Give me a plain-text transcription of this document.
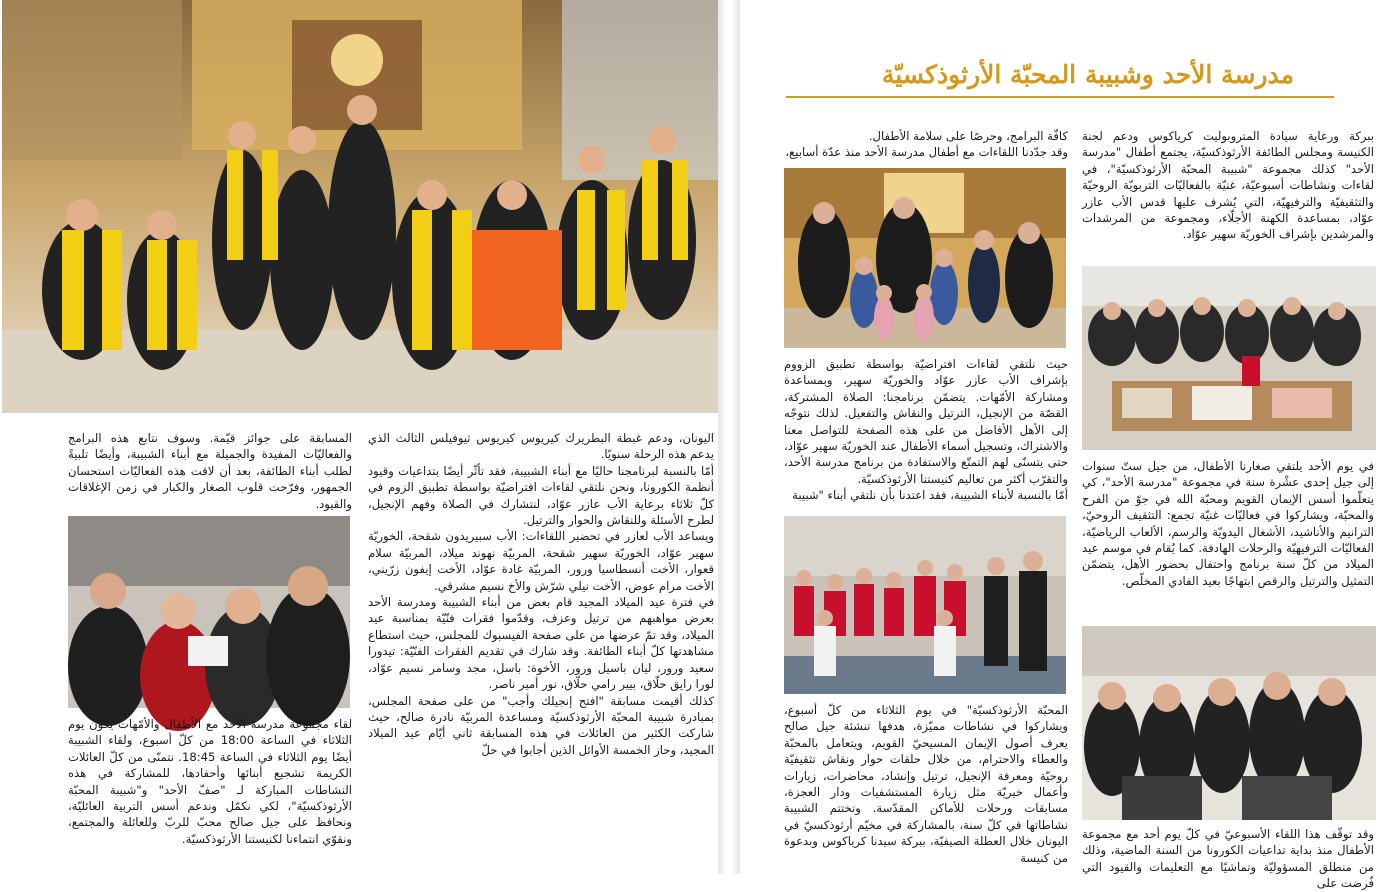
اليونان، ودعم غبطة البطريرك كيريوس كيريوس ثيوفيلس الثالث الذي يدعم هذه الرحلة سنويًا.

أمّا بالنسبة لبرنامجنا حاليًا مع أبناء الشبيبة، فقد تأثّر أيضًا بتداعيات وقيود أنظمة الكورونا، ونحن نلتقي لقاءات افتراضيّة بواسطة تطبيق الزوم في كلّ ثلاثاء برعاية الأب عازر عوّاد، لنتشارك في الصلاة وفهم الإنجيل، لطرح الأسئلة وللنقاش والحوار والترتيل.

ويساعد الأب لعازر في تحضير اللقاءات: الأب سبيريدون شقحة، الخوريّة سهير عوّاد، الخوريّة سهير شقحة، المربيّة نهوند ميلاد، المربيّة سلام قعوار، الأخت أنسطاسيا ورور، المربيّة غادة عوّاد، الأخت إيفون زرّيني، الأخت مرام عوض، الأخت نيلي شرّش والأخ نسيم مشرقي.

في فترة عيد الميلاد المجيد قام بعض من أبناء الشبيبة ومدرسة الأحد بعرض مواهبهم من ترتيل وعزف، وقدّموا فقرات فنّيّة بمناسبة عيد الميلاد، وقد تمّ عرضها من على صفحة الفيسبوك للمجلس، حيث استطاع مشاهدتها كلّ أبناء الطائفة. وقد شارك في تقديم الفقرات الفنّيّة: تيدورا سعيد ورور، ليان باسيل ورور، الأخوة: باسل، مجد وسامر نسيم عوّاد، لورا رايق حلّاق، بيير رامي حلّاق، نور أمير ناصر.

كذلك أقيمت مسابقة "افتح إنجيلك وأجب" من على صفحة المجلس، بمبادرة شبيبة المحبّة الأرثوذكسيّة ومساعدة المربيّة نادرة صالح، حيث شاركت الكثير من العائلات في هذه المسابقة ثاني أيّام عيد الميلاد المجيد، وحاز الخمسة الأوائل الذين أجابوا في حلّ

المسابقة على جوائز قيّمة. وسوف نتابع هذه البرامج والفعاليّات المفيدة والجميلة مع أبناء الشبيبة، وأيضًا تلبيةً لطلب أبناء الطائفة، بعد أن لاقت هذه الفعاليّات استحسان الجمهور، وفرّحت قلوب الصغار والكبار في زمن الإغلاقات والقيود.

لقاء مجموعة مدرسة الأحد مع الأطفال والأمّهات يكون يوم الثلاثاء في الساعة 18:00 من كلّ أسبوع، ولقاء الشبيبة أيضًا يوم الثلاثاء في الساعة 18:45. نتمنّى من كلّ العائلات الكريمة تشجيع أبنائها وأحفادها، للمشاركة في هذه النشاطات المباركة لـ "صفّ الأحد" و"شبيبة المحبّة الأرثوذكسيّة"، لكي نكمّل وندعم أسس التربية العائليّة، ونحافظ على جيل صالح محبّ للربّ وللعائلة والمجتمع، ونقوّي انتماءنا لكنيستنا الأرثوذكسيّة.

مدرسة الأحد وشبيبة المحبّة الأرثوذكسيّة

ببركة ورعاية سيادة المتروبوليت كرياكوس ودعم لجنة الكنيسة ومجلس الطائفة الأرثوذكسيّة، يجتمع أطفال "مدرسة الأحد" كذلك مجموعة "شبيبة المحبّة الأرثوذكسيّة"، في لقاءات ونشاطات أسبوعيّة، غنيّة بالفعاليّات التربويّة الروحيّة والتثقيفيّة والترفيهيّة، التي يُشرف عليها قدس الأب عازر عوّاد، بمساعدة الكهنة الأجلّاء، ومجموعة من المرشدات والمرشدين بإشراف الخوريّة سهير عوّاد.

في يوم الأحد يلتقي صغارنا الأطفال، من جيل ستّ سنوات إلى جيل إحدى عشْرة سنة في مجموعة "مدرسة الأحد"، كي يتعلّموا أسس الإيمان القويم ومحبّة الله في جوّ من الفرح والمحبّة، ويشاركوا في فعاليّات غنيّة تجمع: التثقيف الروحيّ، الترانيم والأناشيد، الأشغال اليدويّة والرسم، الألعاب الرياضيّة، الفعاليّات الترفيهيّة والرحلات الهادفة. كما يُقام في موسم عيد الميلاد من كلّ سنة برنامج واحتفال بحضور الأهل، يتضمّن التمثيل والترتيل والرقص ابتهاجًا بعيد الفادي المخلّص.

وقد توقّف هذا اللقاء الأسبوعيّ في كلّ يوم أحد مع مجموعة الأطفال منذ بداية تداعيات الكورونا من السنة الماضية، وذلك من منطلق المسؤوليّة وتماشيًا مع التعليمات والقيود التي فُرضت على

كافّة البرامج، وحرصًا على سلامة الأطفال.

وقد جدّدنا اللقاءات مع أطفال مدرسة الأحد منذ عدّة أسابيع،

حيث نلتقي لقاءات افتراضيّة بواسطة تطبيق الزووم بإشراف الأب عازر عوّاد والخوريّة سهير، وبمساعدة ومشاركة الأمّهات. يتضمّن برنامجنا: الصلاة المشتركة، القصّة من الإنجيل، الترتيل والنقاش والتفعيل. لذلك نتوجّه إلى الأهل الأفاضل من على هذه الصفحة للتواصل معنا والاشتراك، وتسجيل أسماء الأطفال عند الخوريّة سهير عوّاد، حتى يتسنّى لهم التمتّع والاستفادة من برنامج مدرسة الأحد، والتقرّب أكثر من تعاليم كنيستنا الأرثوذكسيّة.

أمّا بالنسبة لأبناء الشبيبة، فقد اعتدنا بأن نلتقي أبناء "شبيبة

المحبّة الأرثوذكسيّة" في يوم الثلاثاء من كلّ أسبوع، ويشاركوا في نشاطات مميّزة، هدفها تنشئة جيل صالح يعرف أصول الإيمان المسيحيّ القويم، ويتعامل بالمحبّة والعطاء والاحترام، من خلال حلقات حوار ونقاش تثقيفيّة روحيّة ومعرفة الإنجيل، ترتيل وإنشاد، محاضرات، زيارات وأعمال خيريّة مثل زيارة المستشفيات ودار العجزة، مسابقات ورحلات للأماكن المقدّسة. وتختتم الشبيبة نشاطاتها في كلّ سنة، بالمشاركة في مخيّم أرثوذكسيّ في اليونان خلال العطلة الصيفيّة، ببركة سيدنا كرياكوس وبدعوة من كنيسة
